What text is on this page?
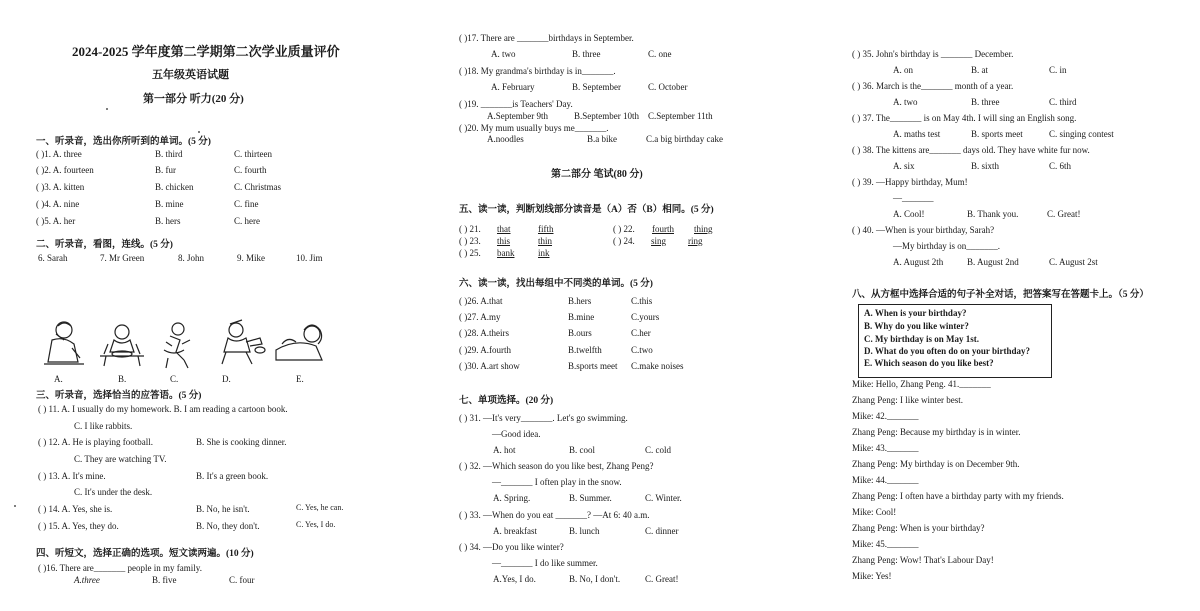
2024-2025 学年度第二学期第二次学业质量评价
五年级英语试题
第一部分 听力(20 分)
一、听录音，选出你所听到的单词。(5 分)
( )1. A. three	B. third	C. thirteen
( )2. A. fourteen	B. fur	C. fourth
( )3. A. kitten	B. chicken	C. Christmas
( )4. A. nine	B. mine	C. fine
( )5. A. her	B. hers	C. here
二、听录音，看图，连线。(5 分)
6. Sarah	7. Mr Green	8. John	9. Mike	10. Jim
A.	B.	C.	D.	E.
三、听录音，选择恰当的应答语。(5 分)
( ) 11. A. I usually do my homework. B. I am reading a cartoon book.
C. I like rabbits.
( ) 12. A. He is playing football.	B. She is cooking dinner.
C. They are watching TV.
( ) 13. A. It's mine.	B. It's a green book.
C. It's under the desk.
( ) 14. A. Yes, she is.	B. No, he isn't.	C. Yes, he can.
( ) 15. A. Yes, they do.	B. No, they don't.	C. Yes, I do.
四、听短文，选择正确的选项。短文读两遍。(10 分)
( )16. There are_______ people in my family.
A.three	B. five	C. four
( )17. There are _______birthdays in September.
A. two	B. three	C. one
( )18. My grandma's birthday is in_______.
A. February	B. September	C. October
( )19. _______is Teachers' Day.
A.September 9th	B.September 10th C.September 11th
( )20. My mum usually buys me_______.
A.noodles	B.a bike	C.a big birthday cake
第二部分 笔试(80 分)
五、读一读，判断划线部分读音是（A）否（B）相同。(5 分)
( ) 21. that	fifth	( ) 22. fourth thing
( ) 23. this	thin	( ) 24. sing ring
( ) 25. bank	ink
六、读一读，找出每组中不同类的单词。(5 分)
( )26. A.that	B.hers	C.this
( )27. A.my	B.mine	C.yours
( )28. A.theirs	B.ours	C.her
( )29. A.fourth	B.twelfth	C.two
( )30. A.art show	B.sports meet C.make noises
七、单项选择。(20 分)
( ) 31. —It's very_______. Let's go swimming.
—Good idea.
A. hot	B. cool	C. cold
( ) 32. —Which season do you like best, Zhang Peng?
—_______ I often play in the snow.
A. Spring.	B. Summer.	C. Winter.
( ) 33. —When do you eat _______? —At 6: 40 a.m.
A. breakfast	B. lunch	C. dinner
( ) 34. —Do you like winter?
—_______ I do like summer.
A.Yes, I do.	B. No, I don't.	C. Great!
( ) 35. John's birthday is _______ December.
A. on	B. at	C. in
( ) 36. March is the_______ month of a year.
A. two	B. three	C. third
( ) 37. The_______ is on May 4th. I will sing an English song.
A. maths test	B. sports meet	C. singing contest
( ) 38. The kittens are_______ days old. They have white fur now.
A. six	B. sixth	C. 6th
( ) 39. —Happy birthday, Mum!
—_______
A. Cool!	B. Thank you.	C. Great!
( ) 40. —When is your birthday, Sarah?
—My birthday is on_______.
A. August 2th	B. August 2nd	C. August 2st
八、从方框中选择合适的句子补全对话，把答案写在答题卡上。（5 分）
A. When is your birthday?
B. Why do you like winter?
C. My birthday is on May 1st.
D. What do you often do on your birthday?
E. Which season do you like best?
Mike: Hello, Zhang Peng. 41._______
Zhang Peng: I like winter best.
Mike: 42._______
Zhang Peng: Because my birthday is in winter.
Mike: 43._______
Zhang Peng: My birthday is on December 9th.
Mike: 44._______
Zhang Peng: I often have a birthday party with my friends.
Mike: Cool!
Zhang Peng: When is your birthday?
Mike: 45._______
Zhang Peng: Wow! That's Labour Day!
Mike: Yes!
